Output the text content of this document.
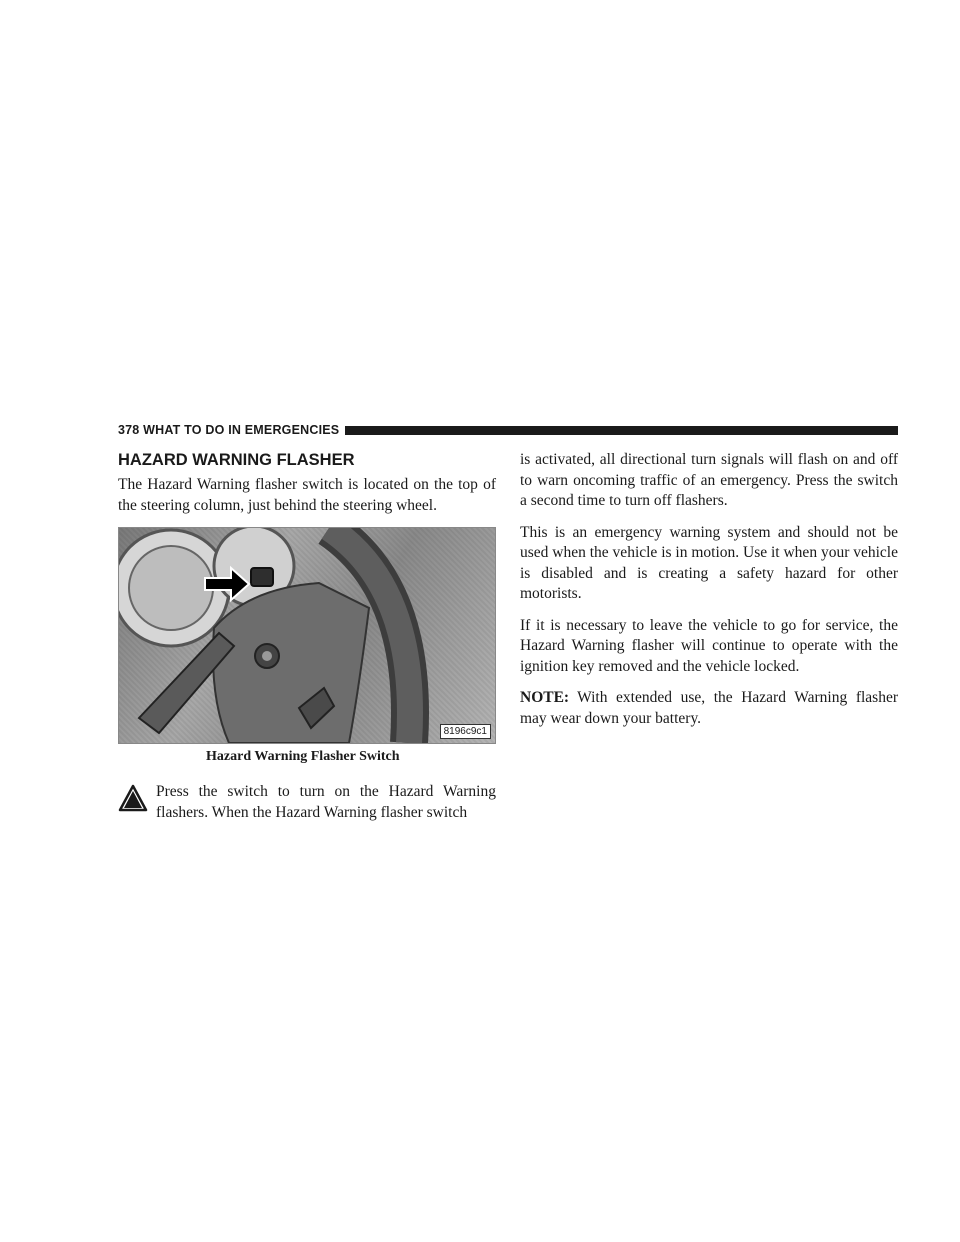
378 WHAT TO DO IN EMERGENCIES
HAZARD WARNING FLASHER

The Hazard Warning flasher switch is located on the top of the steering column, just behind the steering wheel.

8196c9c1
Hazard Warning Flasher Switch

Press the switch to turn on the Hazard Warning flashers. When the Hazard Warning flasher switch

is activated, all directional turn signals will flash on and off to warn oncoming traffic of an emergency. Press the switch a second time to turn off flashers.

This is an emergency warning system and should not be used when the vehicle is in motion. Use it when your vehicle is disabled and is creating a safety hazard for other motorists.

If it is necessary to leave the vehicle to go for service, the Hazard Warning flasher will continue to operate with the ignition key removed and the vehicle locked.

NOTE: With extended use, the Hazard Warning flasher may wear down your battery.
